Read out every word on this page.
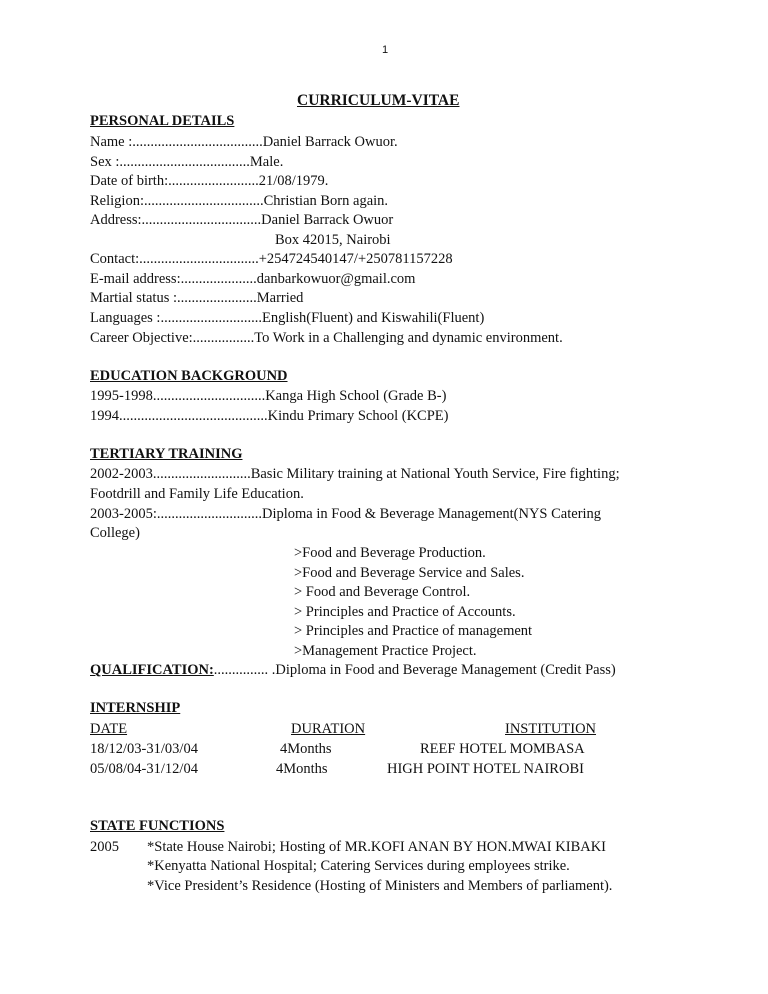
1
CURRICULUM-VITAE
PERSONAL DETAILS
Name :....................................Daniel Barrack Owuor.
Sex :....................................Male.
Date of birth:.........................21/08/1979.
Religion:.................................Christian Born again.
Address:.................................Daniel Barrack Owuor
Box 42015, Nairobi
Contact:.................................+254724540147/+250781157228
E-mail address:.....................danbarkowuor@gmail.com
Martial status :......................Married
Languages :............................English(Fluent) and Kiswahili(Fluent)
Career Objective:.................To Work in a Challenging and dynamic environment.
EDUCATION BACKGROUND
1995-1998...............................Kanga High School (Grade B-)
1994.........................................Kindu Primary School (KCPE)
TERTIARY TRAINING
2002-2003...........................Basic Military training at National Youth Service, Fire fighting;
Footdrill and Family Life Education.
2003-2005:.............................Diploma in Food & Beverage Management(NYS Catering
College)
>Food and Beverage Production.
>Food and Beverage Service and Sales.
> Food and Beverage Control.
> Principles and Practice of Accounts.
> Principles and Practice of management
>Management Practice Project.
QUALIFICATION:............... .Diploma in Food and Beverage Management (Credit Pass)
INTERNSHIP
DATE	DURATION	INSTITUTION
18/12/03-31/03/04	4Months	REEF HOTEL MOMBASA
05/08/04-31/12/04	4Months	HIGH POINT HOTEL NAIROBI
STATE FUNCTIONS
2005 *State House Nairobi; Hosting of MR.KOFI ANAN BY HON.MWAI KIBAKI
*Kenyatta National Hospital; Catering Services during employees strike.
*Vice President’s Residence (Hosting of Ministers and Members of parliament).
